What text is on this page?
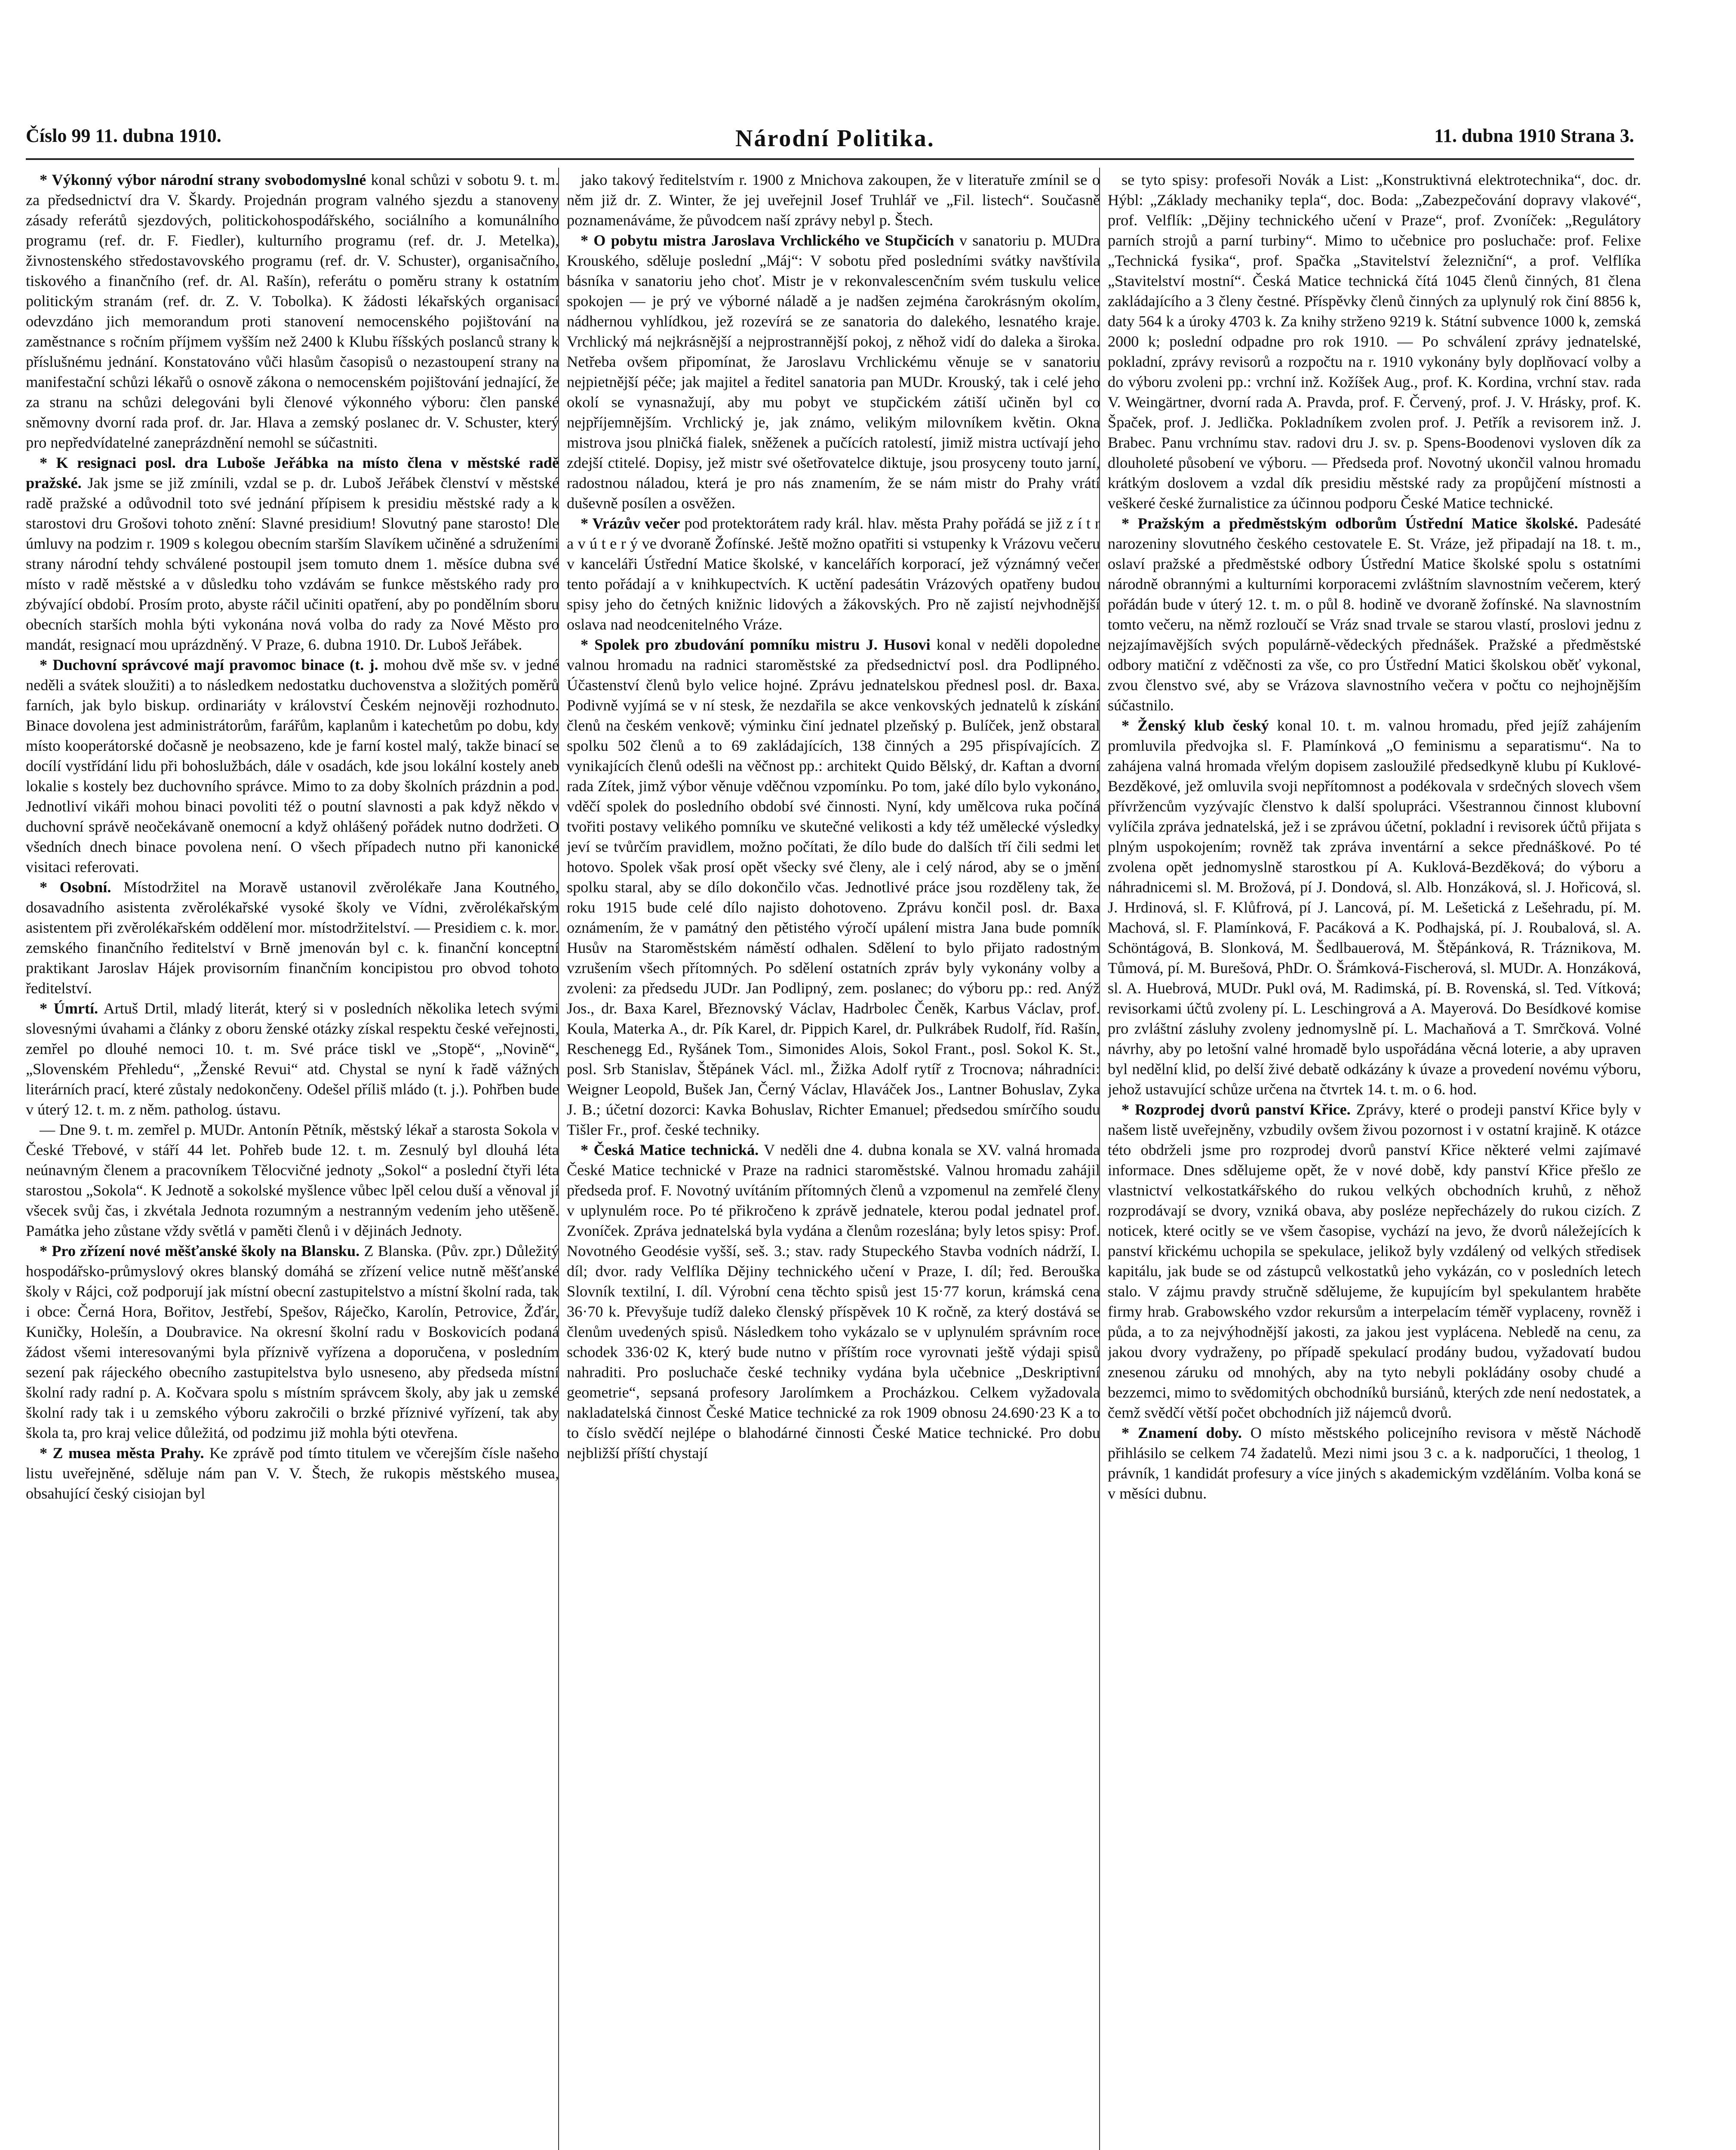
Číslo 99 11. dubna 1910.	Národní Politika.	11. dubna 1910 Strana 3.

* Výkonný výbor národní strany svobodomyslné konal schůzi v sobotu 9. t. m. za předsednictví dra V. Škardy. Projednán program valného sjezdu a stanoveny zásady referátů sjezdových, politickohospodářského, sociálního a komunálního programu (ref. dr. F. Fiedler), kulturního programu (ref. dr. J. Metelka), živnostenského středostavovského programu (ref. dr. V. Schuster), organisačního, tiskového a finančního (ref. dr. Al. Rašín), referátu o poměru strany k ostatním politickým stranám (ref. dr. Z. V. Tobolka). K žádosti lékařských organisací odevzdáno jich memorandum proti stanovení nemocenského pojištování na zaměstnance s ročním příjmem vyšším než 2400 k Klubu říšských poslanců strany k příslušnému jednání. Konstatováno vůči hlasům časopisů o nezastoupení strany na manifestační schůzi lékařů o osnově zákona o nemocenském pojištování jednající, že za stranu na schůzi delegováni byli členové výkonného výboru: člen panské sněmovny dvorní rada prof. dr. Jar. Hlava a zemský poslanec dr. V. Schuster, který pro nepředvídatelné zaneprázdnění nemohl se súčastniti.

* K resignaci posl. dra Luboše Jeřábka na místo člena v městské radě pražské. Jak jsme se již zmínili, vzdal se p. dr. Luboš Jeřábek členství v městské radě pražské a odůvodnil toto své jednání přípisem k presidiu městské rady a k starostovi dru Grošovi tohoto znění: Slavné presidium! Slovutný pane starosto! Dle úmluvy na podzim r. 1909 s kolegou obecním starším Slavíkem učiněné a sdruženími strany národní tehdy schválené postoupil jsem tomuto dnem 1. měsíce dubna své místo v radě městské a v důsledku toho vzdávám se funkce městského rady pro zbývající období. Prosím proto, abyste ráčil učiniti opatření, aby po pondělním sboru obecních starších mohla býti vykonána nová volba do rady za Nové Město pro mandát, resignací mou uprázdněný. V Praze, 6. dubna 1910. Dr. Luboš Jeřábek.

* Duchovní správcové mají pravomoc binace (t. j. mohou dvě mše sv. v jedné neděli a svátek sloužiti) a to následkem nedostatku duchovenstva a složitých poměrů farních, jak bylo biskup. ordinariáty v království Českém nejnověji rozhodnuto. Binace dovolena jest administrátorům, farářům, kaplanům i katechetům po dobu, kdy místo kooperátorské dočasně je neobsazeno, kde je farní kostel malý, takže binací se docílí vystřídání lidu při bohoslužbách, dále v osadách, kde jsou lokální kostely aneb lokalie s kostely bez duchovního správce. Mimo to za doby školních prázdnin a pod. Jednotliví vikáři mohou binaci povoliti též o poutní slavnosti a pak když někdo v duchovní správě neočekávaně onemocní a když ohlášený pořádek nutno dodržeti. O všedních dnech binace povolena není. O všech případech nutno při kanonické visitaci referovati.

* Osobní. Místodržitel na Moravě ustanovil zvěrolékaře Jana Koutného, dosavadního asistenta zvěrolékařské vysoké školy ve Vídni, zvěrolékařským asistentem při zvěrolékařském oddělení mor. místodržitelství. — Presidiem c. k. mor. zemského finančního ředitelství v Brně jmenován byl c. k. finanční konceptní praktikant Jaroslav Hájek provisorním finančním koncipistou pro obvod tohoto ředitelství.

* Úmrtí. Artuš Drtil, mladý literát, který si v posledních několika letech svými slovesnými úvahami a články z oboru ženské otázky získal respektu české veřejnosti, zemřel po dlouhé nemoci 10. t. m. Své práce tiskl ve „Stopě“, „Novině“, „Slovenském Přehledu“, „Ženské Revui“ atd. Chystal se nyní k řadě vážných literárních prací, které zůstaly nedokončeny. Odešel příliš mládo (t. j.). Pohřben bude v úterý 12. t. m. z něm. patholog. ústavu.

— Dne 9. t. m. zemřel p. MUDr. Antonín Pětník, městský lékař a starosta Sokola v České Třebové, v stáří 44 let. Pohřeb bude 12. t. m. Zesnulý byl dlouhá léta neúnavným členem a pracovníkem Tělocvičné jednoty „Sokol“ a poslední čtyři léta starostou „Sokola“. K Jednotě a sokolské myšlence vůbec lpěl celou duší a věnoval jí všecek svůj čas, i zkvétala Jednota rozumným a nestranným vedením jeho utěšeně. Památka jeho zůstane vždy světlá v paměti členů i v dějinách Jednoty.

* Pro zřízení nové měšťanské školy na Blansku. Z Blanska. (Pův. zpr.) Důležitý hospodářsko-průmyslový okres blanský domáhá se zřízení velice nutně měšťanské školy v Rájci, což podporují jak místní obecní zastupitelstvo a místní školní rada, tak i obce: Černá Hora, Bořitov, Jestřebí, Spešov, Ráječko, Karolín, Petrovice, Žďár, Kuničky, Holešín, a Doubravice. Na okresní školní radu v Boskovicích podaná žádost všemi interesovanými byla příznivě vyřízena a doporučena, v posledním sezení pak rájeckého obecního zastupitelstva bylo usneseno, aby předseda místní školní rady radní p. A. Kočvara spolu s místním správcem školy, aby jak u zemské školní rady tak i u zemského výboru zakročili o brzké příznivé vyřízení, tak aby škola ta, pro kraj velice důležitá, od podzimu již mohla býti otevřena.

* Z musea města Prahy. Ke zprávě pod tímto titulem ve včerejším čísle našeho listu uveřejněné, sděluje nám pan V. V. Štech, že rukopis městského musea, obsahující český cisiojan byl

jako takový ředitelstvím r. 1900 z Mnichova zakoupen, že v literatuře zmínil se o něm již dr. Z. Winter, že jej uveřejnil Josef Truhlář ve „Fil. listech“. Současně poznamenáváme, že původcem naší zprávy nebyl p. Štech.

* O pobytu mistra Jaroslava Vrchlického ve Stupčicích v sanatoriu p. MUDra Krouského, sděluje poslední „Máj“: V sobotu před posledními svátky navštívila básníka v sanatoriu jeho choť. Mistr je v rekonvalescenčním svém tuskulu velice spokojen — je prý ve výborné náladě a je nadšen zejména čarokrásným okolím, nádhernou vyhlídkou, jež rozevírá se ze sanatoria do dalekého, lesnatého kraje. Vrchlický má nejkrásnější a nejprostrannější pokoj, z něhož vidí do daleka a široka. Netřeba ovšem připomínat, že Jaroslavu Vrchlickému věnuje se v sanatoriu nejpietnější péče; jak majitel a ředitel sanatoria pan MUDr. Krouský, tak i celé jeho okolí se vynasnažují, aby mu pobyt ve stupčickém zátiší učiněn byl co nejpříjemnějším. Vrchlický je, jak známo, velikým milovníkem květin. Okna mistrova jsou plničká fialek, sněženek a pučících ratolestí, jimiž mistra uctívají jeho zdejší ctitelé. Dopisy, jež mistr své ošetřovatelce diktuje, jsou prosyceny touto jarní, radostnou náladou, která je pro nás znamením, že se nám mistr do Prahy vrátí duševně posílen a osvěžen.

* Vrázův večer pod protektorátem rady král. hlav. města Prahy pořádá se již z í t r a v ú t e r ý ve dvoraně Žofínské. Ještě možno opatřiti si vstupenky k Vrázovu večeru v kanceláři Ústřední Matice školské, v kancelářích korporací, jež význámný večer tento pořádají a v knihkupectvích. K uctění padesátin Vrázových opatřeny budou spisy jeho do četných knižnic lidových a žákovských. Pro ně zajistí nejvhodnější oslava nad neodcenitelného Vráze.

* Spolek pro zbudování pomníku mistru J. Husovi konal v neděli dopoledne valnou hromadu na radnici staroměstské za předsednictví posl. dra Podlipného. Účastenství členů bylo velice hojné. Zprávu jednatelskou přednesl posl. dr. Baxa. Podivně vyjímá se v ní stesk, že nezdařila se akce venkovských jednatelů k získání členů na českém venkově; výminku činí jednatel plzeňský p. Bulíček, jenž obstaral spolku 502 členů a to 69 zakládajících, 138 činných a 295 přispívajících. Z vynikajících členů odešli na věčnost pp.: architekt Quido Bělský, dr. Kaftan a dvorní rada Zítek, jimž výbor věnuje vděčnou vzpomínku. Po tom, jaké dílo bylo vykonáno, vděčí spolek do posledního období své činnosti. Nyní, kdy umělcova ruka počíná tvořiti postavy velikého pomníku ve skutečné velikosti a kdy též umělecké výsledky jeví se tvůrčím pravidlem, možno počítati, že dílo bude do dalších tří čili sedmi let hotovo. Spolek však prosí opět všecky své členy, ale i celý národ, aby se o jmění spolku staral, aby se dílo dokončilo včas. Jednotlivé práce jsou rozděleny tak, že roku 1915 bude celé dílo najisto dohotoveno. Zprávu končil posl. dr. Baxa oznámením, že v památný den pětistého výročí upálení mistra Jana bude pomník Husův na Staroměstském náměstí odhalen. Sdělení to bylo přijato radostným vzrušením všech přítomných. Po sdělení ostatních zpráv byly vykonány volby a zvoleni: za předsedu JUDr. Jan Podlipný, zem. poslanec; do výboru pp.: red. Anýž Jos., dr. Baxa Karel, Březnovský Václav, Hadrbolec Čeněk, Karbus Václav, prof. Koula, Materka A., dr. Pík Karel, dr. Pippich Karel, dr. Pulkrábek Rudolf, říd. Rašín, Reschenegg Ed., Ryšánek Tom., Simonides Alois, Sokol Frant., posl. Sokol K. St., posl. Srb Stanislav, Štěpánek Václ. ml., Žižka Adolf rytíř z Trocnova; náhradníci: Weigner Leopold, Bušek Jan, Černý Václav, Hlaváček Jos., Lantner Bohuslav, Zyka J. B.; účetní dozorci: Kavka Bohuslav, Richter Emanuel; předsedou smírčího soudu Tišler Fr., prof. české techniky.

* Česká Matice technická. V neděli dne 4. dubna konala se XV. valná hromada České Matice technické v Praze na radnici staroměstské. Valnou hromadu zahájil předseda prof. F. Novotný uvítáním přítomných členů a vzpomenul na zemřelé členy v uplynulém roce. Po té přikročeno k zprávě jednatele, kterou podal jednatel prof. Zvoníček. Zpráva jednatelská byla vydána a členům rozeslána; byly letos spisy: Prof. Novotného Geodésie vyšší, seš. 3.; stav. rady Stupeckého Stavba vodních nádrží, I. díl; dvor. rady Velflíka Dějiny technického učení v Praze, I. díl; řed. Berouška Slovník textilní, I. díl. Výrobní cena těchto spisů jest 15·77 korun, krámská cena 36·70 k. Převyšuje tudíž daleko členský příspěvek 10 K ročně, za který dostává se členům uvedených spisů. Následkem toho vykázalo se v uplynulém správním roce schodek 336·02 K, který bude nutno v příštím roce vyrovnati ještě výdaji spisů nahraditi. Pro posluchače české techniky vydána byla učebnice „Deskriptivní geometrie“, sepsaná profesory Jarolímkem a Procházkou. Celkem vyžadovala nakladatelská činnost České Matice technické za rok 1909 obnosu 24.690·23 K a to to číslo svědčí nejlépe o blahodárné činnosti České Matice technické. Pro dobu nejbližší příští chystají

se tyto spisy: profesoři Novák a List: „Konstruktivná elektrotechnika“, doc. dr. Hýbl: „Základy mechaniky tepla“, doc. Boda: „Zabezpečování dopravy vlakové“, prof. Velflík: „Dějiny technického učení v Praze“, prof. Zvoníček: „Regulátory parních strojů a parní turbiny“. Mimo to učebnice pro posluchače: prof. Felixe „Technická fysika“, prof. Spačka „Stavitelství železniční“, a prof. Velflíka „Stavitelství mostní“. Česká Matice technická čítá 1045 členů činných, 81 člena zakládajícího a 3 členy čestné. Příspěvky členů činných za uplynulý rok činí 8856 k, daty 564 k a úroky 4703 k. Za knihy strženo 9219 k. Státní subvence 1000 k, zemská 2000 k; poslední odpadne pro rok 1910. — Po schválení zprávy jednatelské, pokladní, zprávy revisorů a rozpočtu na r. 1910 vykonány byly doplňovací volby a do výboru zvoleni pp.: vrchní inž. Kožíšek Aug., prof. K. Kordina, vrchní stav. rada V. Weingärtner, dvorní rada A. Pravda, prof. F. Červený, prof. J. V. Hrásky, prof. K. Špaček, prof. J. Jedlička. Pokladníkem zvolen prof. J. Petřík a revisorem inž. J. Brabec. Panu vrchnímu stav. radovi dru J. sv. p. Spens-Boodenovi vysloven dík za dlouholeté působení ve výboru. — Předseda prof. Novotný ukončil valnou hromadu krátkým doslovem a vzdal dík presidiu městské rady za propůjčení místnosti a veškeré české žurnalistice za účinnou podporu České Matice technické.

* Pražským a předměstským odborům Ústřední Matice školské. Padesáté narozeniny slovutného českého cestovatele E. St. Vráze, jež připadají na 18. t. m., oslaví pražské a předměstské odbory Ústřední Matice školské spolu s ostatními národně obrannými a kulturními korporacemi zvláštním slavnostním večerem, který pořádán bude v úterý 12. t. m. o půl 8. hodině ve dvoraně žofínské. Na slavnostním tomto večeru, na němž rozloučí se Vráz snad trvale se starou vlastí, proslovi jednu z nejzajímavějších svých populárně-vědeckých přednášek. Pražské a předměstské odbory matiční z vděčnosti za vše, co pro Ústřední Matici školskou oběť vykonal, zvou členstvo své, aby se Vrázova slavnostního večera v počtu co nejhojnějším súčastnilo.

* Ženský klub český konal 10. t. m. valnou hromadu, před jejíž zahájením promluvila předvojka sl. F. Plamínková „O feminismu a separatismu“. Na to zahájena valná hromada vřelým dopisem zasloužilé předsedkyně klubu pí Kuklové-Bezděkové, jež omluvila svoji nepřítomnost a podékovala v srdečných slovech všem přívržencům vyzývajíc členstvo k další spolupráci. Všestrannou činnost klubovní vylíčila zpráva jednatelská, jež i se zprávou účetní, pokladní i revisorek účtů přijata s plným uspokojením; rovněž tak zpráva inventární a sekce přednáškové. Po té zvolena opět jednomyslně starostkou pí A. Kuklová-Bezděková; do výboru a náhradnicemi sl. M. Brožová, pí J. Dondová, sl. Alb. Honzáková, sl. J. Hořicová, sl. J. Hrdinová, sl. F. Klůfrová, pí J. Lancová, pí. M. Lešetická z Lešehradu, pí. M. Machová, sl. F. Plamínková, F. Pacáková a K. Podhajská, pí. J. Roubalová, sl. A. Schöntágová, B. Slonková, M. Šedlbauerová, M. Štěpánková, R. Tráznikova, M. Tůmová, pí. M. Burešová, PhDr. O. Šrámková-Fischerová, sl. MUDr. A. Honzáková, sl. A. Huebrová, MUDr. Pukl ová, M. Radimská, pí. B. Rovenská, sl. Ted. Vítková; revisorkami účtů zvoleny pí. L. Leschingrová a A. Mayerová. Do Besídkové komise pro zvláštní zásluhy zvoleny jednomyslně pí. L. Machaňová a T. Smrčková. Volné návrhy, aby po letošní valné hromadě bylo uspořádána věcná loterie, a aby upraven byl nedělní klid, po delší živé debatě odkázány k úvaze a provedení novému výboru, jehož ustavující schůze určena na čtvrtek 14. t. m. o 6. hod.

* Rozprodej dvorů panství Křice. Zprávy, které o prodeji panství Křice byly v našem listě uveřejněny, vzbudily ovšem živou pozornost i v ostatní krajině. K otázce této obdrželi jsme pro rozprodej dvorů panství Křice některé velmi zajímavé informace. Dnes sdělujeme opět, že v nové době, kdy panství Křice přešlo ze vlastnictví velkostatkářského do rukou velkých obchodních kruhů, z něhož rozprodávají se dvory, vzniká obava, aby posléze nepřecházely do rukou cizích. Z noticek, které ocitly se ve všem časopise, vychází na jevo, že dvorů náležejících k panství křickému uchopila se spekulace, jelikož byly vzdálený od velkých středisek kapitálu, jak bude se od zástupců velkostatků jeho vykázán, co v posledních letech stalo. V zájmu pravdy stručně sdělujeme, že kupujícím byl spekulantem hraběte firmy hrab. Grabowského vzdor rekursům a interpelacím téměř vyplaceny, rovněž i půda, a to za nejvýhodnější jakosti, za jakou jest vyplácena. Nebledě na cenu, za jakou dvory vydraženy, po případě spekulací prodány budou, vyžadovatí budou znesenou záruku od mnohých, aby na tyto nebyli pokládány osoby chudé a bezzemci, mimo to svědomitých obchodníků bursiánů, kterých zde není nedostatek, a čemž svědčí větší počet obchodních již nájemců dvorů.

* Znamení doby. O místo městského policejního revisora v městě Náchodě přihlásilo se celkem 74 žadatelů. Mezi nimi jsou 3 c. a k. nadporučíci, 1 theolog, 1 právník, 1 kandidát profesury a více jiných s akademickým vzděláním. Volba koná se v měsíci dubnu.
